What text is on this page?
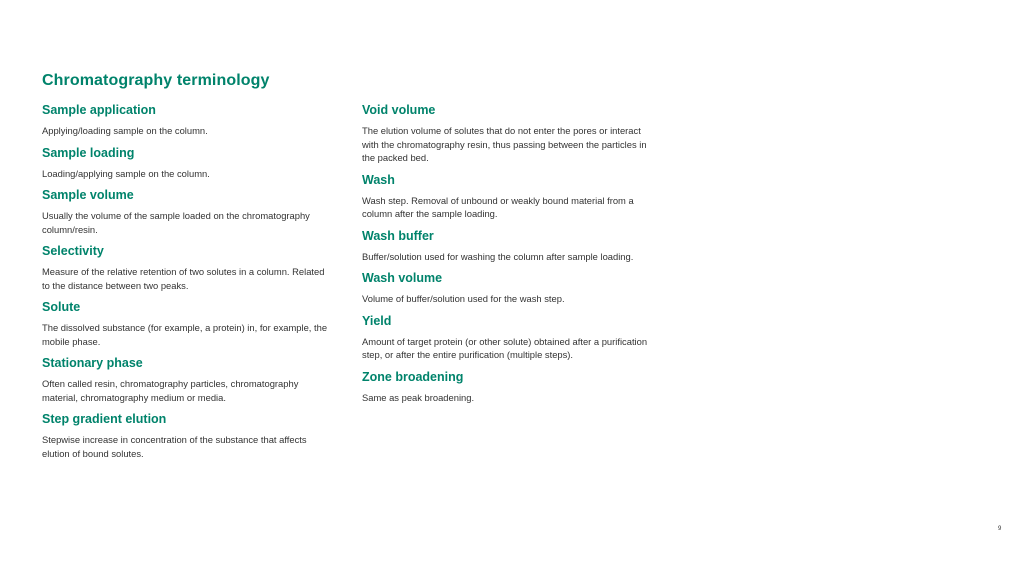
Chromatography terminology
Sample application

Applying/loading sample on the column.

Sample loading

Loading/applying sample on the column.

Sample volume

Usually the volume of the sample loaded on the chromatography column/resin.

Selectivity

Measure of the relative retention of two solutes in a column. Related to the distance between two peaks.

Solute

The dissolved substance (for example, a protein) in, for example, the mobile phase.

Stationary phase

Often called resin, chromatography particles, chromatography material, chromatography medium or media.

Step gradient elution

Stepwise increase in concentration of the substance that affects elution of bound solutes.

Void volume

The elution volume of solutes that do not enter the pores or interact with the chromatography resin, thus passing between the particles in the packed bed.

Wash

Wash step. Removal of unbound or weakly bound material from a column after the sample loading.

Wash buffer

Buffer/solution used for washing the column after sample loading.

Wash volume

Volume of buffer/solution used for the wash step.

Yield

Amount of target protein (or other solute) obtained after a purification step, or after the entire purification (multiple steps).

Zone broadening

Same as peak broadening.

9
